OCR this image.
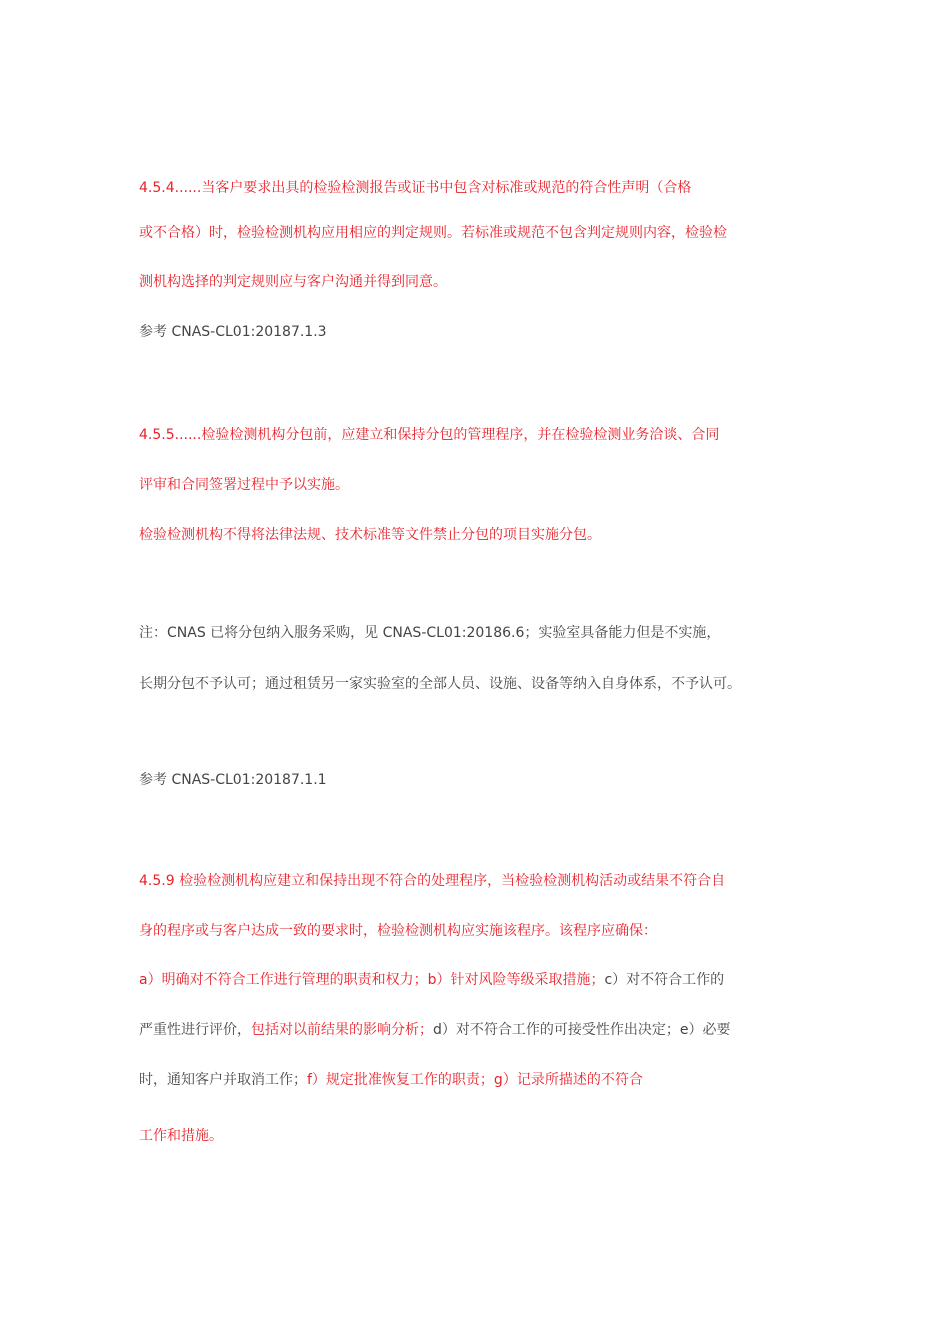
4.5.4......当客户要求出具的检验检测报告或证书中包含对标准或规范的符合性声明（合格
或不合格）时，检验检测机构应用相应的判定规则。若标准或规范不包含判定规则内容，检验检
测机构选择的判定规则应与客户沟通并得到同意。
参考 CNAS-CL01:20187.1.3
4.5.5......检验检测机构分包前，应建立和保持分包的管理程序，并在检验检测业务洽谈、合同
评审和合同签署过程中予以实施。
检验检测机构不得将法律法规、技术标准等文件禁止分包的项目实施分包。
注：CNAS 已将分包纳入服务采购，见 CNAS-CL01:20186.6；实验室具备能力但是不实施，
长期分包不予认可；通过租赁另一家实验室的全部人员、设施、设备等纳入自身体系，不予认可。
参考 CNAS-CL01:20187.1.1
4.5.9 检验检测机构应建立和保持出现不符合的处理程序，当检验检测机构活动或结果不符合自
身的程序或与客户达成一致的要求时，检验检测机构应实施该程序。该程序应确保：
a）明确对不符合工作进行管理的职责和权力；b）针对风险等级采取措施；c）对不符合工作的
严重性进行评价，包括对以前结果的影响分析；d）对不符合工作的可接受性作出决定；e）必要
时，通知客户并取消工作；f）规定批准恢复工作的职责；g）记录所描述的不符合
工作和措施。
